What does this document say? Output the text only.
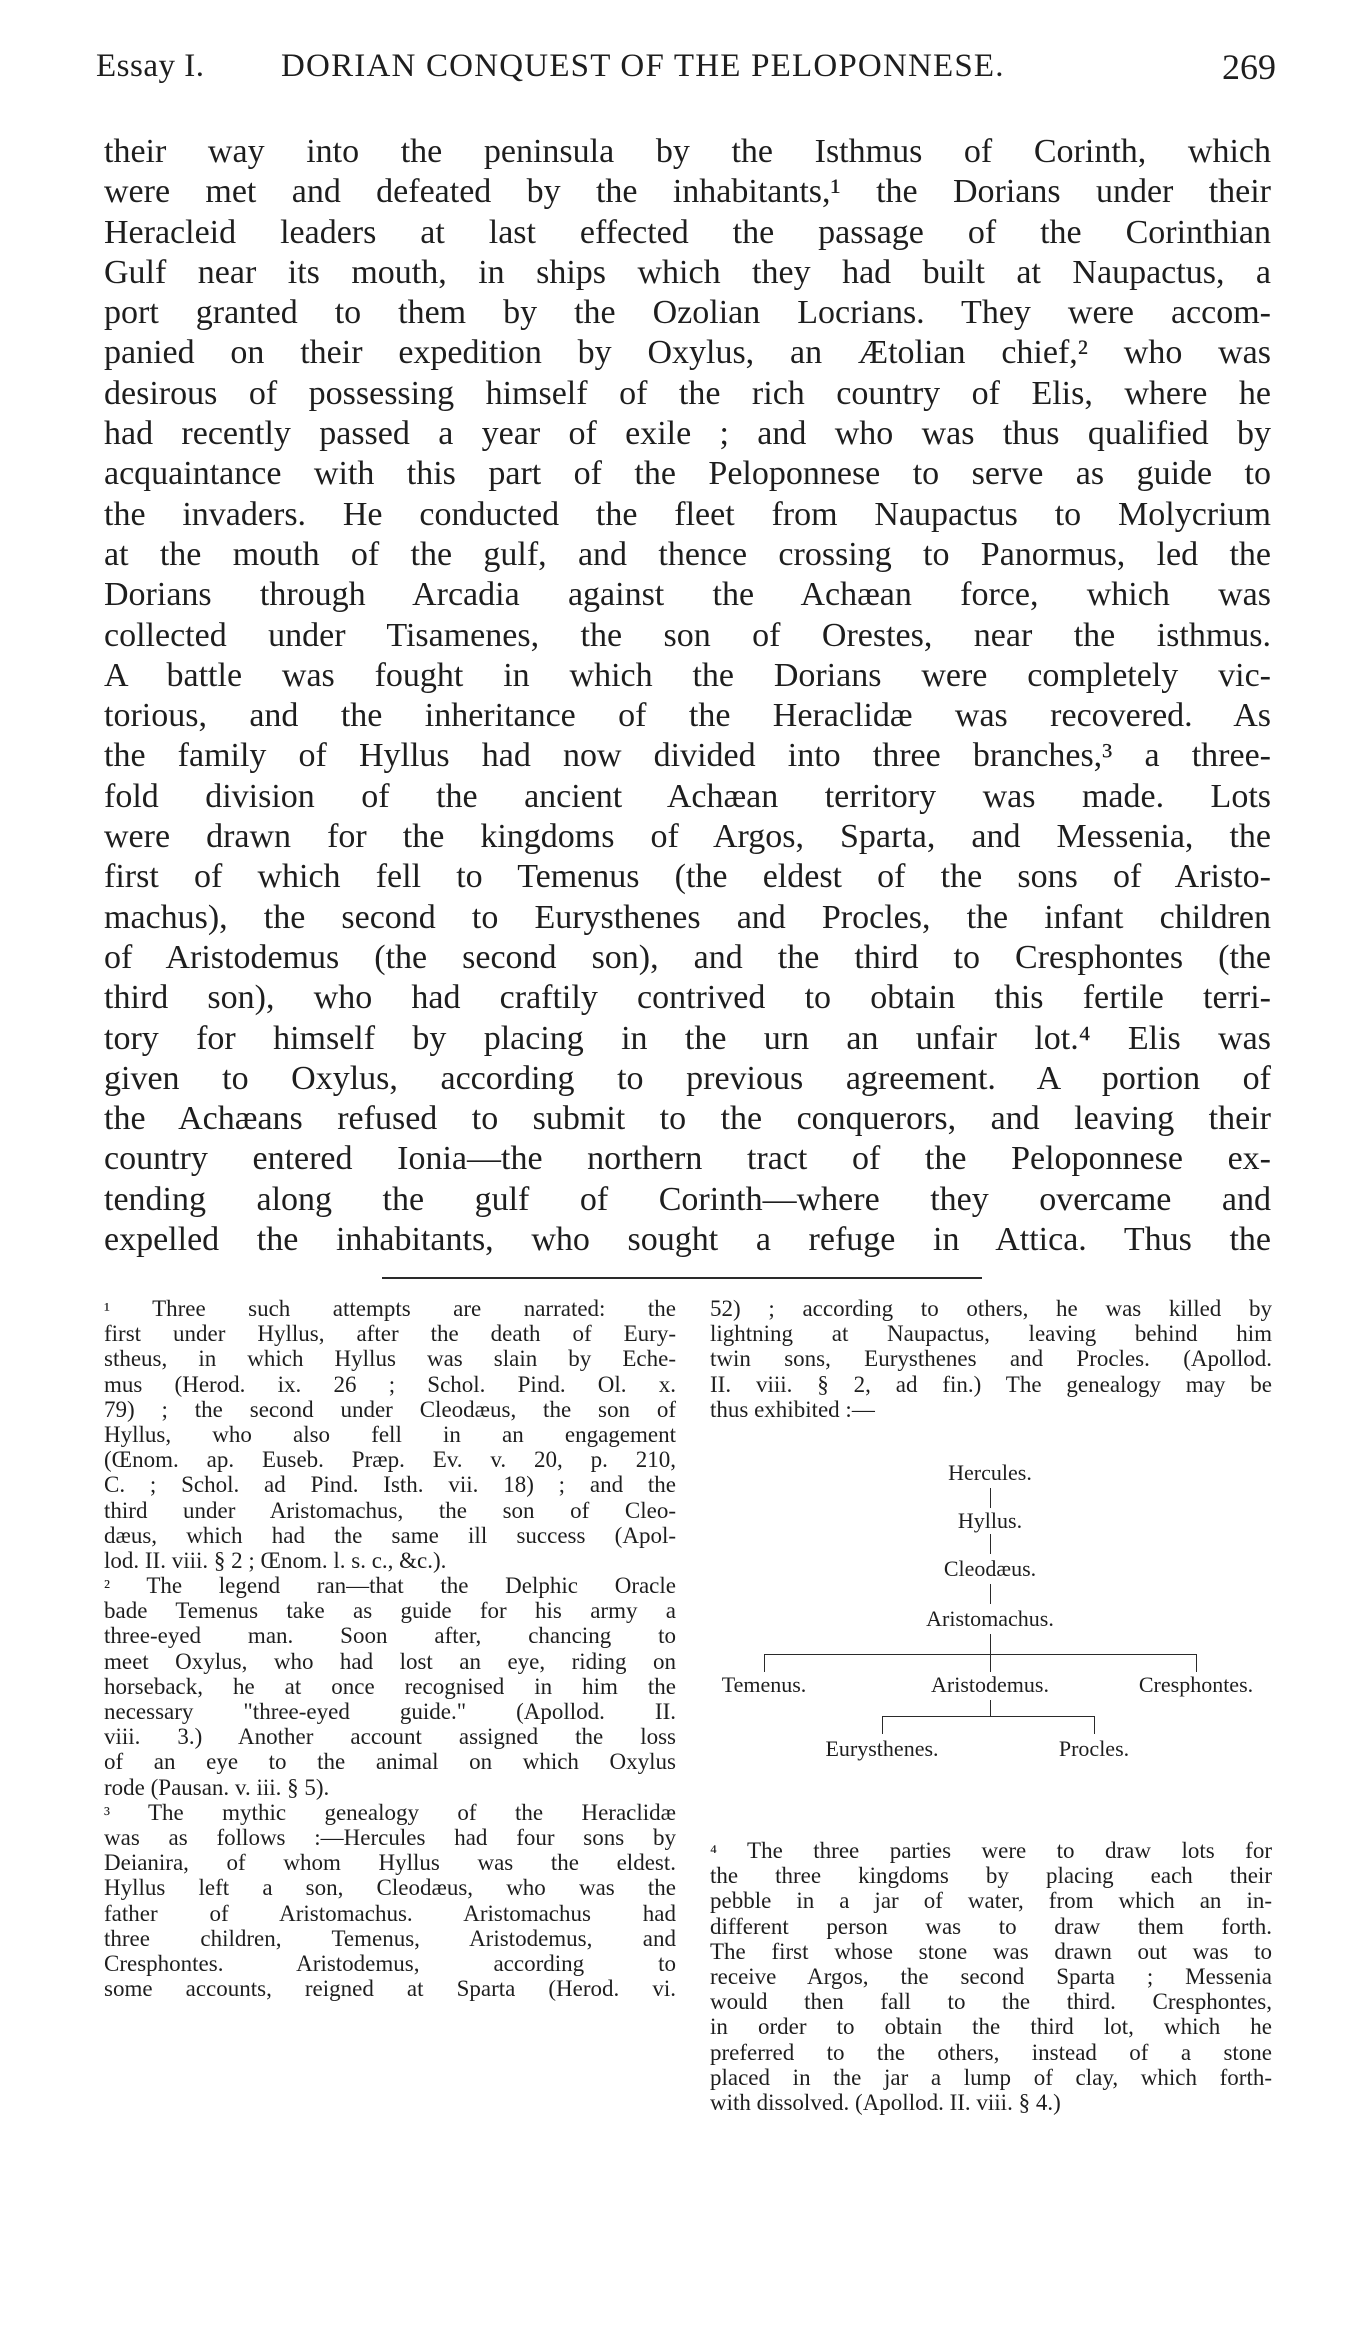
Essay I. DORIAN CONQUEST OF THE PELOPONNESE.	269
their way into the peninsula by the Isthmus of Corinth, which
were met and defeated by the inhabitants,¹ the Dorians under their
Heracleid leaders at last effected the passage of the Corinthian
Gulf near its mouth, in ships which they had built at Naupactus, a
port granted to them by the Ozolian Locrians. They were accom-
panied on their expedition by Oxylus, an Ætolian chief,² who was
desirous of possessing himself of the rich country of Elis, where he
had recently passed a year of exile ; and who was thus qualified by
acquaintance with this part of the Peloponnese to serve as guide to
the invaders. He conducted the fleet from Naupactus to Molycrium
at the mouth of the gulf, and thence crossing to Panormus, led the
Dorians through Arcadia against the Achæan force, which was
collected under Tisamenes, the son of Orestes, near the isthmus.
A battle was fought in which the Dorians were completely vic-
torious, and the inheritance of the Heraclidæ was recovered. As
the family of Hyllus had now divided into three branches,³ a three-
fold division of the ancient Achæan territory was made. Lots
were drawn for the kingdoms of Argos, Sparta, and Messenia, the
first of which fell to Temenus (the eldest of the sons of Aristo-
machus), the second to Eurysthenes and Procles, the infant children
of Aristodemus (the second son), and the third to Cresphontes (the
third son), who had craftily contrived to obtain this fertile terri-
tory for himself by placing in the urn an unfair lot.⁴ Elis was
given to Oxylus, according to previous agreement. A portion of
the Achæans refused to submit to the conquerors, and leaving their
country entered Ionia—the northern tract of the Peloponnese ex-
tending along the gulf of Corinth—where they overcame and
expelled the inhabitants, who sought a refuge in Attica. Thus the
¹ Three such attempts are narrated: the
first under Hyllus, after the death of Eury-
stheus, in which Hyllus was slain by Eche-
mus (Herod. ix. 26 ; Schol. Pind. Ol. x.
79) ; the second under Cleodæus, the son of
Hyllus, who also fell in an engagement
(Œnom. ap. Euseb. Præp. Ev. v. 20, p. 210,
C. ; Schol. ad Pind. Isth. vii. 18) ; and the
third under Aristomachus, the son of Cleo-
dæus, which had the same ill success (Apol-
lod. II. viii. § 2 ; Œnom. l. s. c., &c.).
² The legend ran—that the Delphic Oracle
bade Temenus take as guide for his army a
three-eyed man. Soon after, chancing to
meet Oxylus, who had lost an eye, riding on
horseback, he at once recognised in him the
necessary "three-eyed guide." (Apollod. II.
viii. 3.) Another account assigned the loss
of an eye to the animal on which Oxylus
rode (Pausan. v. iii. § 5).
³ The mythic genealogy of the Heraclidæ
was as follows :—Hercules had four sons by
Deianira, of whom Hyllus was the eldest.
Hyllus left a son, Cleodæus, who was the
father of Aristomachus. Aristomachus had
three children, Temenus, Aristodemus, and
Cresphontes. Aristodemus, according to
some accounts, reigned at Sparta (Herod. vi.
52) ; according to others, he was killed by
lightning at Naupactus, leaving behind him
twin sons, Eurysthenes and Procles. (Apollod.
II. viii. § 2, ad fin.) The genealogy may be
thus exhibited :—
Hercules.
Hyllus.
Cleodæus.
Aristomachus.
Temenus.	Aristodemus.	Cresphontes.
Eurysthenes.	Procles.
⁴ The three parties were to draw lots for
the three kingdoms by placing each their
pebble in a jar of water, from which an in-
different person was to draw them forth.
The first whose stone was drawn out was to
receive Argos, the second Sparta ; Messenia
would then fall to the third. Cresphontes,
in order to obtain the third lot, which he
preferred to the others, instead of a stone
placed in the jar a lump of clay, which forth-
with dissolved. (Apollod. II. viii. § 4.)
